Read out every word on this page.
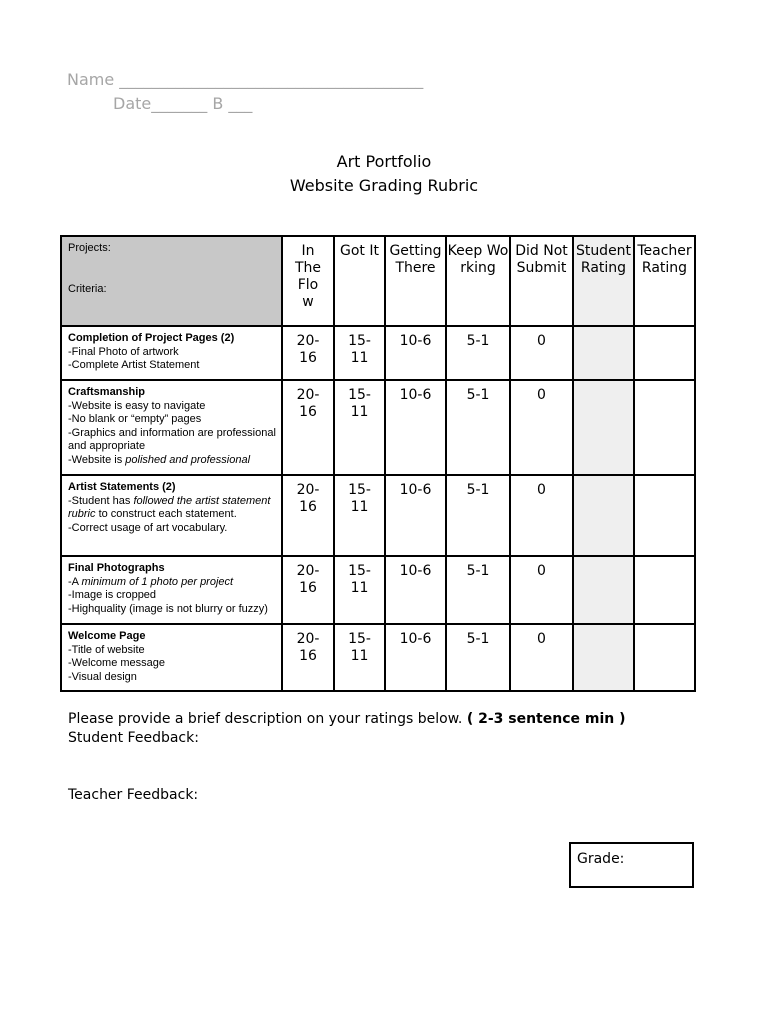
Name ______________________________________
Date_______ B ___
Art Portfolio
Website Grading Rubric
Projects:
Criteria:	In The Flow	Got It	Getting There	Keep Working	Did Not Submit	Student Rating	Teacher Rating

Completion of Project Pages (2)
-Final Photo of artwork
-Complete Artist Statement	20-16	15-11	10-6	5-1	0		

Craftsmanship
-Website is easy to navigate
-No blank or “empty” pages
-Graphics and information are professional and appropriate
-Website is polished and professional	20-16	15-11	10-6	5-1	0		

Artist Statements (2)
-Student has followed the artist statement rubric to construct each statement.
-Correct usage of art vocabulary.	20-16	15-11	10-6	5-1	0		

Final Photographs
-A minimum of 1 photo per project
-Image is cropped
-Highquality (image is not blurry or fuzzy)	20-16	15-11	10-6	5-1	0		

Welcome Page
-Title of website
-Welcome message
-Visual design	20-16	15-11	10-6	5-1	0		
Please provide a brief description on your ratings below. ( 2-3 sentence min )
Student Feedback:
Teacher Feedback:
Grade:
